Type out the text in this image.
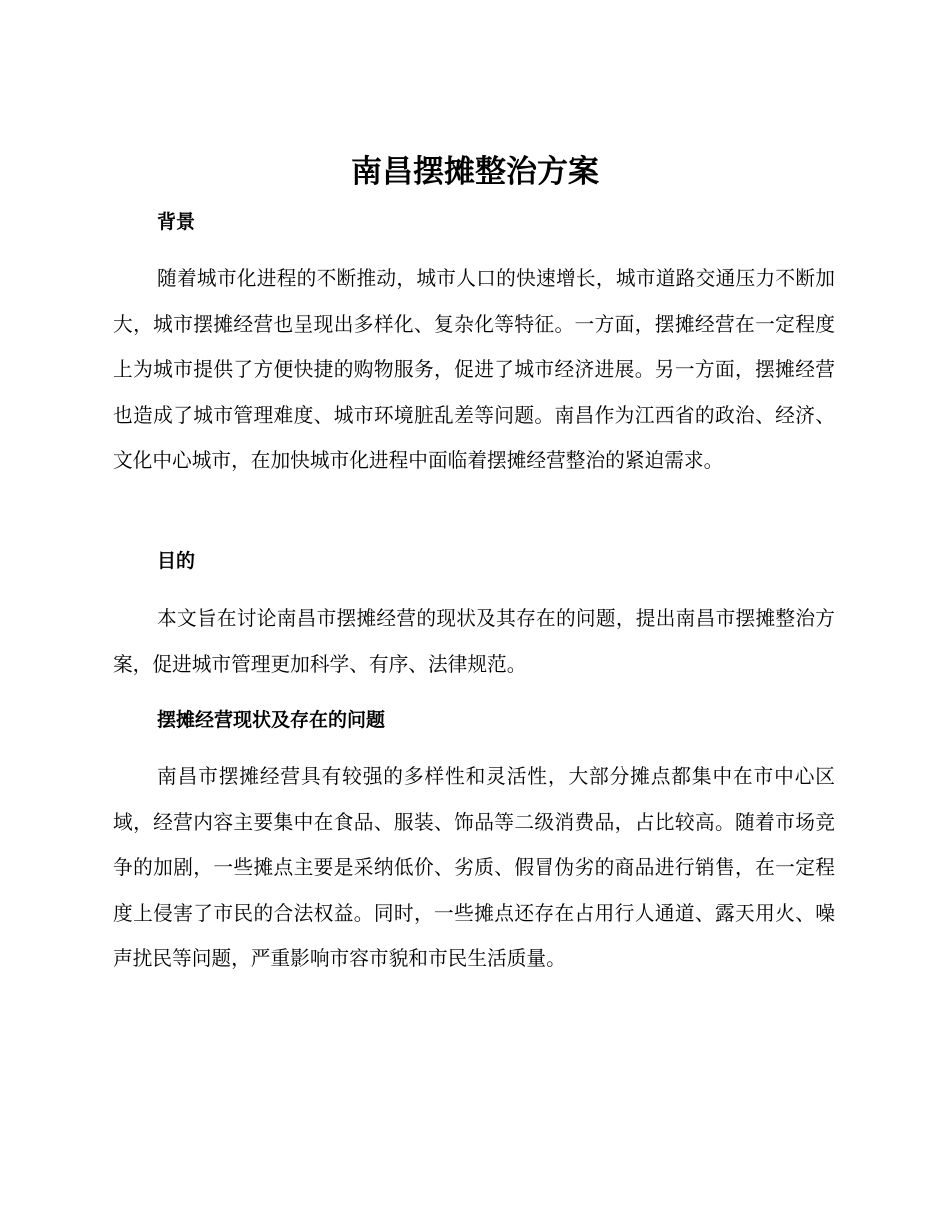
南昌摆摊整治方案
背景

随着城市化进程的不断推动，城市人口的快速增长，城市道路交通压力不断加大，城市摆摊经营也呈现出多样化、复杂化等特征。一方面，摆摊经营在一定程度上为城市提供了方便快捷的购物服务，促进了城市经济进展。另一方面，摆摊经营也造成了城市管理难度、城市环境脏乱差等问题。南昌作为江西省的政治、经济、文化中心城市，在加快城市化进程中面临着摆摊经营整治的紧迫需求。

目的

本文旨在讨论南昌市摆摊经营的现状及其存在的问题，提出南昌市摆摊整治方案，促进城市管理更加科学、有序、法律规范。

摆摊经营现状及存在的问题

南昌市摆摊经营具有较强的多样性和灵活性，大部分摊点都集中在市中心区域，经营内容主要集中在食品、服装、饰品等二级消费品，占比较高。随着市场竞争的加剧，一些摊点主要是采纳低价、劣质、假冒伪劣的商品进行销售，在一定程度上侵害了市民的合法权益。同时，一些摊点还存在占用行人通道、露天用火、噪声扰民等问题，严重影响市容市貌和市民生活质量。
